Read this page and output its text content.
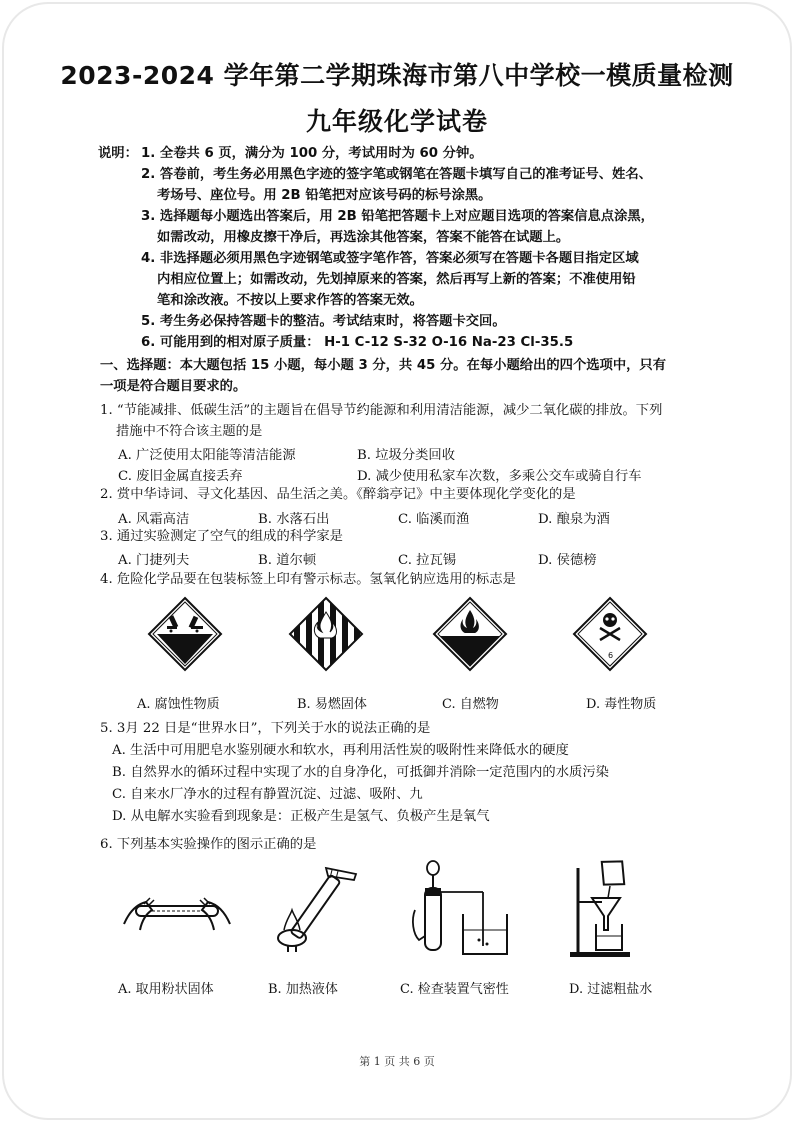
2023-2024 学年第二学期珠海市第八中学校一模质量检测
九年级化学试卷
说明： 1. 全卷共 6 页，满分为 100 分，考试用时为 60 分钟。
2. 答卷前，考生务必用黑色字迹的签字笔或钢笔在答题卡填写自己的准考证号、姓名、
考场号、座位号。用 2B 铅笔把对应该号码的标号涂黑。
3. 选择题每小题选出答案后，用 2B 铅笔把答题卡上对应题目选项的答案信息点涂黑，
如需改动，用橡皮擦干净后，再选涂其他答案，答案不能答在试题上。
4. 非选择题必须用黑色字迹钢笔或签字笔作答，答案必须写在答题卡各题目指定区域
内相应位置上；如需改动，先划掉原来的答案，然后再写上新的答案；不准使用铅
笔和涂改液。不按以上要求作答的答案无效。
5. 考生务必保持答题卡的整洁。考试结束时，将答题卡交回。
6. 可能用到的相对原子质量： H-1 C-12 S-32 O-16 Na-23 Cl-35.5
一、选择题：本大题包括 15 小题，每小题 3 分，共 45 分。在每小题给出的四个选项中，只有
一项是符合题目要求的。
1. “节能减排、低碳生活”的主题旨在倡导节约能源和利用清洁能源，减少二氧化碳的排放。下列
措施中不符合该主题的是
A. 广泛使用太阳能等清洁能源	B. 垃圾分类回收
C. 废旧金属直接丢弃	D. 减少使用私家车次数，多乘公交车或骑自行车
2. 赏中华诗词、寻文化基因、品生活之美。《醉翁亭记》中主要体现化学变化的是
A. 风霜高洁	B. 水落石出	C. 临溪而渔	D. 酿泉为酒
3. 通过实验测定了空气的组成的科学家是
A. 门捷列夫	B. 道尔顿	C. 拉瓦锡	D. 侯德榜
4. 危险化学品要在包装标签上印有警示标志。氢氧化钠应选用的标志是
6
A. 腐蚀性物质	B. 易燃固体	C. 自燃物	D. 毒性物质
5. 3月 22 日是“世界水日”，下列关于水的说法正确的是
A. 生活中可用肥皂水鉴别硬水和软水，再利用活性炭的吸附性来降低水的硬度
B. 自然界水的循环过程中实现了水的自身净化，可抵御并消除一定范围内的水质污染
C. 自来水厂净水的过程有静置沉淀、过滤、吸附、九
D. 从电解水实验看到现象是：正极产生是氢气、负极产生是氧气
6. 下列基本实验操作的图示正确的是
A. 取用粉状固体	B. 加热液体	C. 检查装置气密性	D. 过滤粗盐水
第 1 页 共 6 页
